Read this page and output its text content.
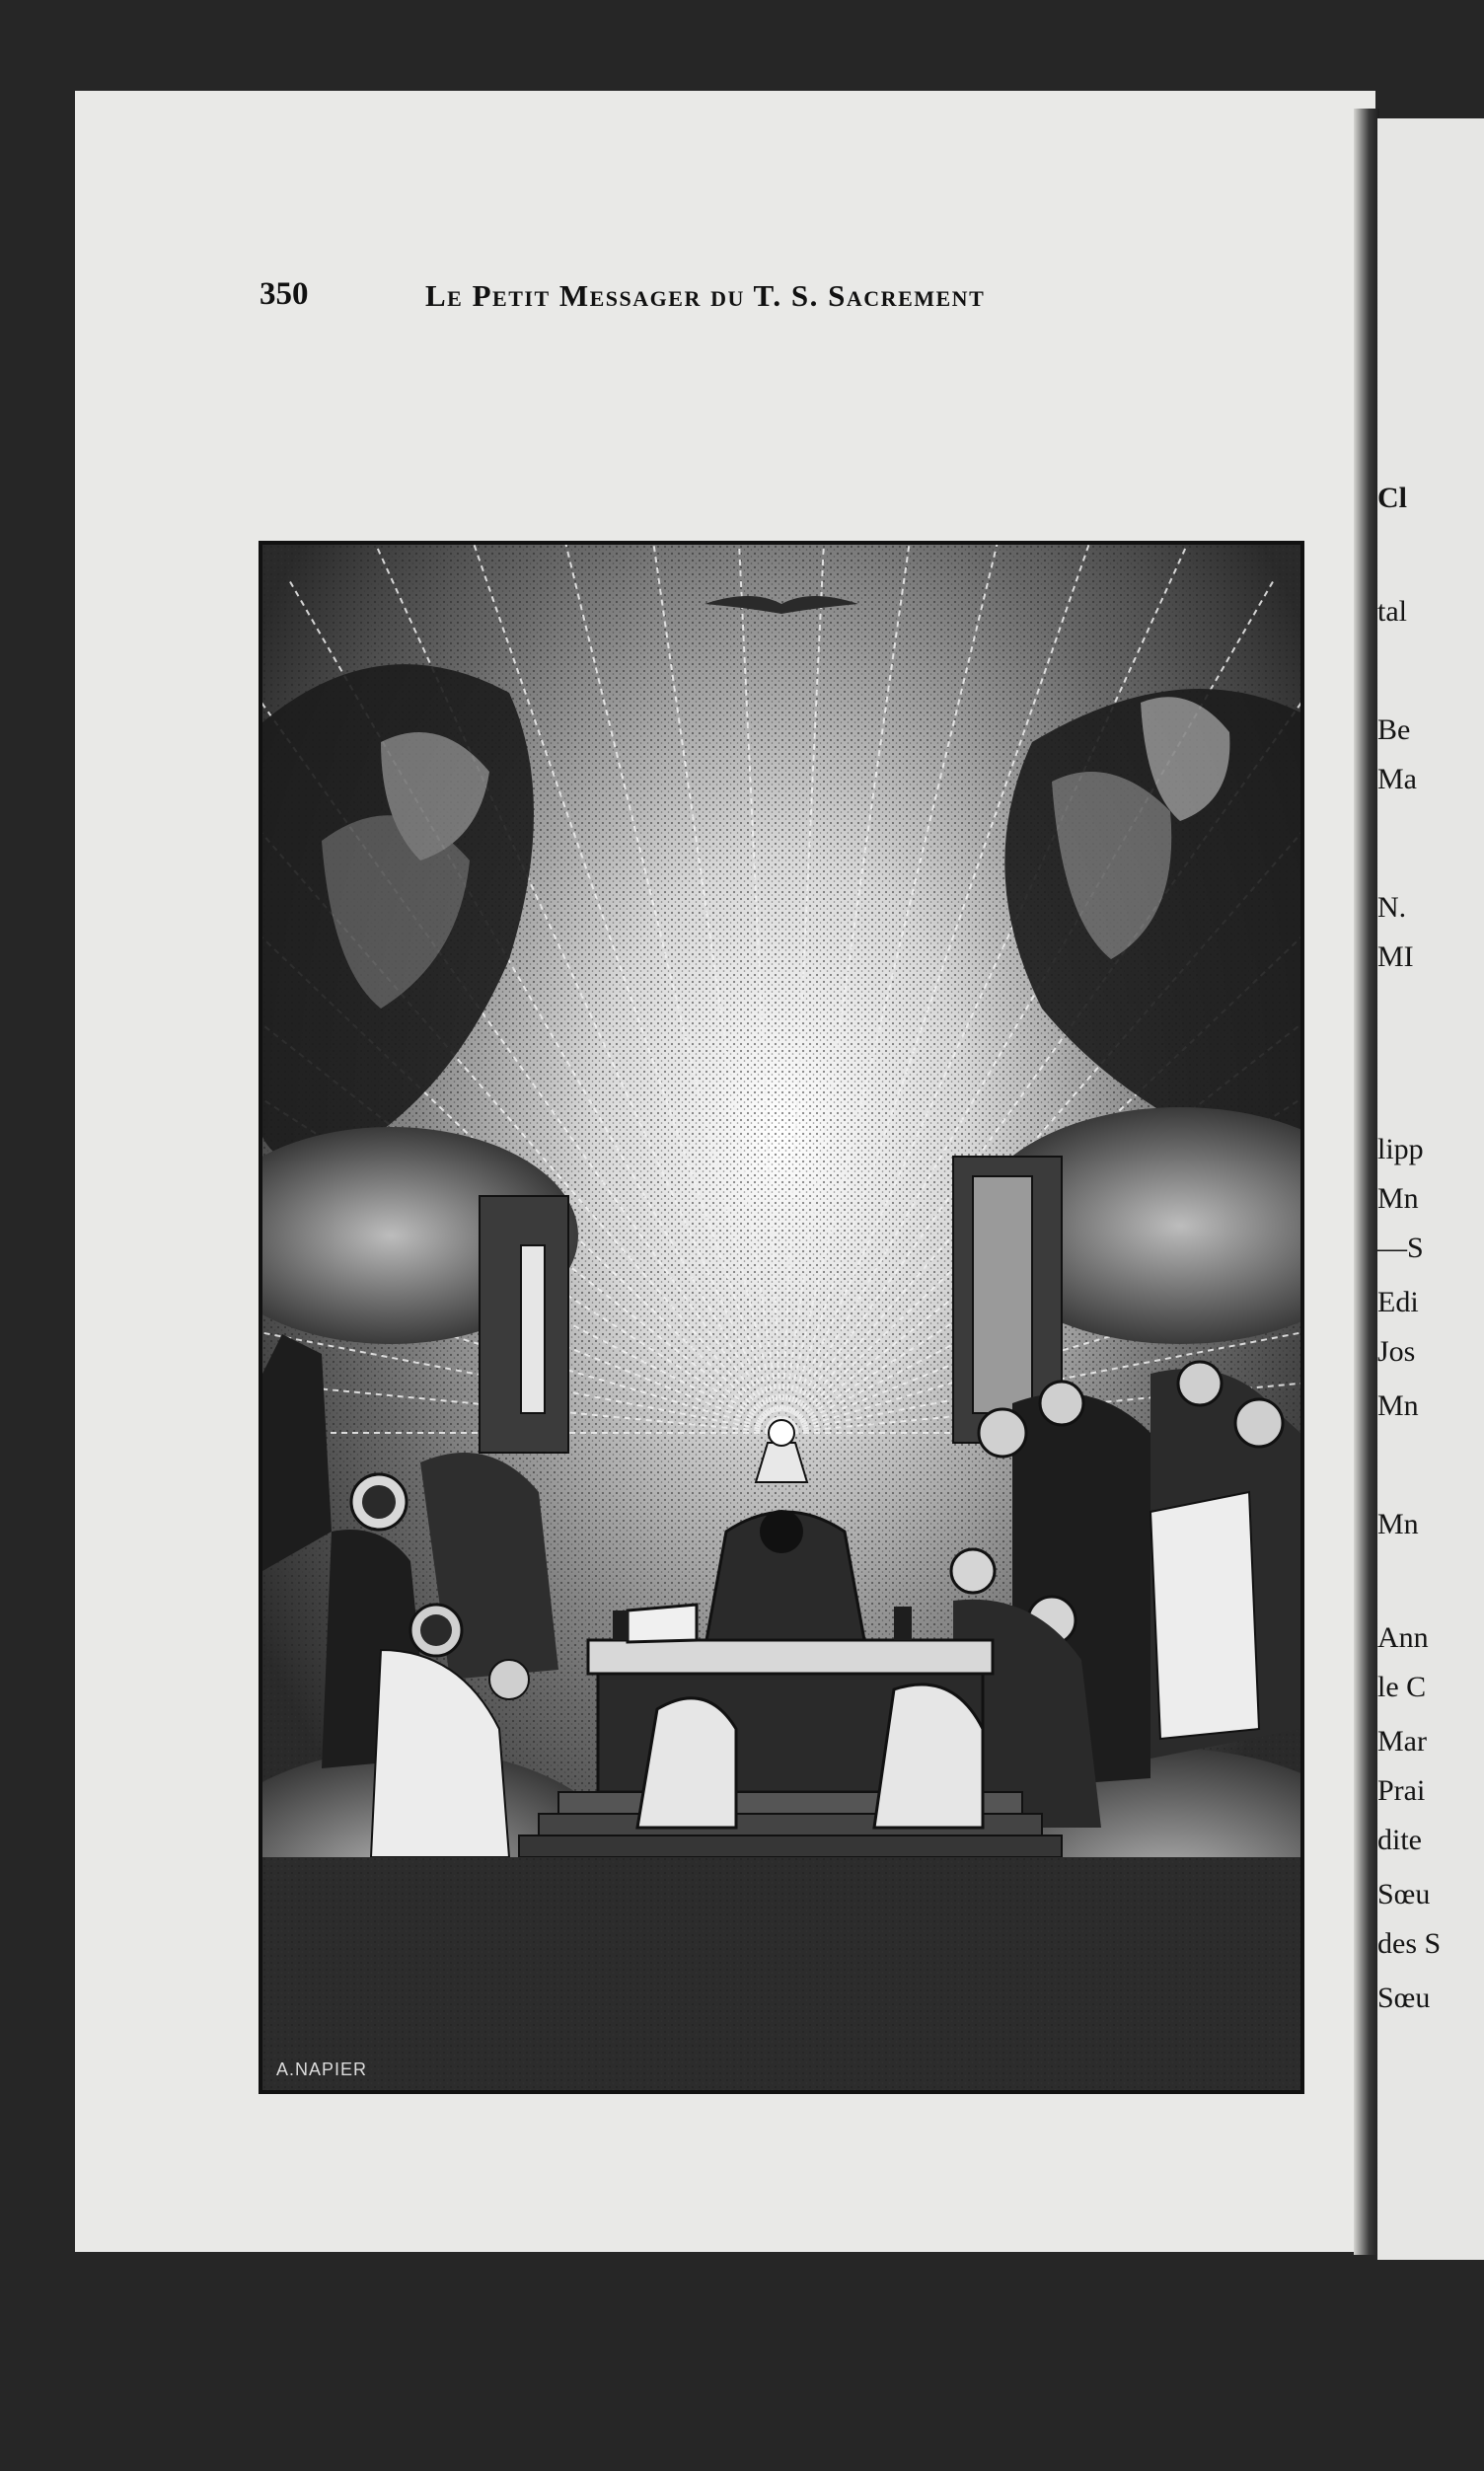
Cl
tal
Be
Ma
N.
MI
lipp
Mn
—S
Edi
Jos
Mn
Mn
Ann
le C
Mar
Prai
dite
Sœu
des S
Sœu
350	Le Petit Messager du T. S. Sacrement
A.NAPIER
